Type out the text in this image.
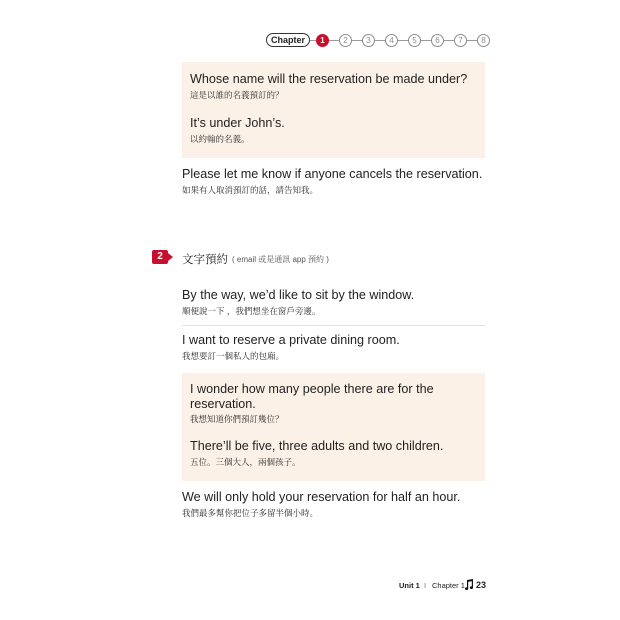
Chapter	1	2	3	4	5	6	7	8
Whose name will the reservation be made under?
這是以誰的名義預訂的？
It’s under John’s.
以約翰的名義。
Please let me know if anyone cancels the reservation.
如果有人取消預訂的話，請告知我。
2	文字預約 ( email 或是通訊 app 預約 )
By the way, we’d like to sit by the window.
順便說一下 ，我們想坐在窗戶旁邊。
I want to reserve a private dining room.
我想要訂一個私人的包廂。
I wonder how many people there are for the
reservation.
我想知道你們預訂幾位？
There’ll be five, three adults and two children.
五位。三個大人，兩個孩子。
We will only hold your reservation for half an hour.
我們最多幫你把位子多留半個小時。
Unit 1 I Chapter 1 23
